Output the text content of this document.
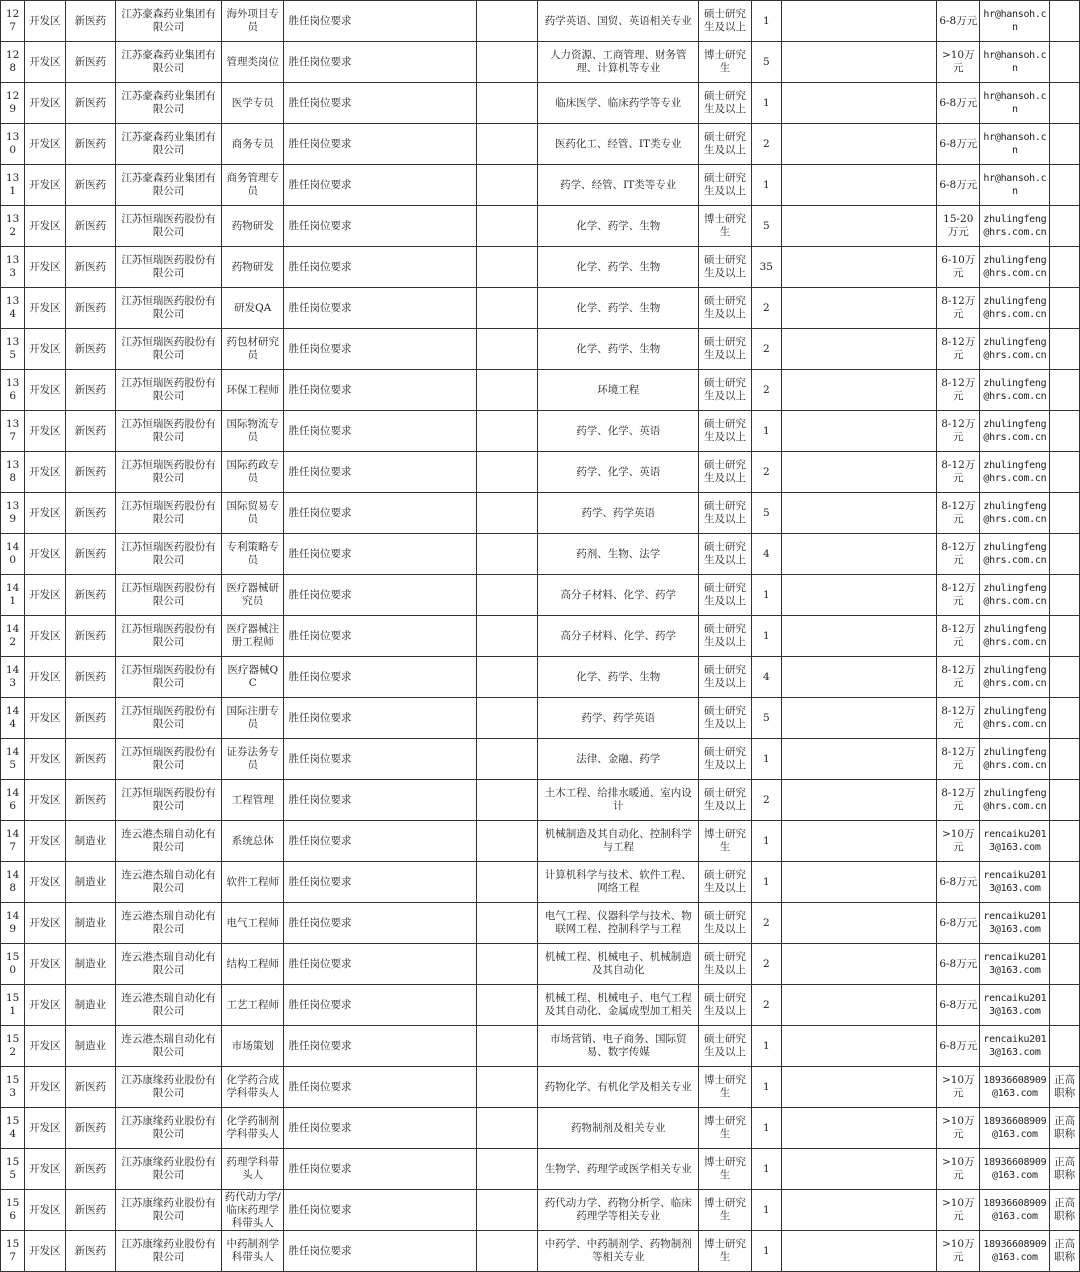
127	开发区	新医药	江苏豪森药业集团有限公司	海外项目专员	胜任岗位要求		药学英语、国贸、英语相关专业	硕士研究生及以上	1		6-8万元	hr@hansoh.cn	
128	开发区	新医药	江苏豪森药业集团有限公司	管理类岗位	胜任岗位要求		人力资源、工商管理、财务管理、计算机等专业	博士研究生	5		>10万元	hr@hansoh.cn	
129	开发区	新医药	江苏豪森药业集团有限公司	医学专员	胜任岗位要求		临床医学、临床药学等专业	硕士研究生及以上	1		6-8万元	hr@hansoh.cn	
130	开发区	新医药	江苏豪森药业集团有限公司	商务专员	胜任岗位要求		医药化工、经管、IT类专业	硕士研究生及以上	2		6-8万元	hr@hansoh.cn	
131	开发区	新医药	江苏豪森药业集团有限公司	商务管理专员	胜任岗位要求		药学、经管、IT类等专业	硕士研究生及以上	1		6-8万元	hr@hansoh.cn	
132	开发区	新医药	江苏恒瑞医药股份有限公司	药物研发	胜任岗位要求		化学、药学、生物	博士研究生	5		15-20万元	zhulingfeng@hrs.com.cn	
133	开发区	新医药	江苏恒瑞医药股份有限公司	药物研发	胜任岗位要求		化学、药学、生物	硕士研究生及以上	35		6-10万元	zhulingfeng@hrs.com.cn	
134	开发区	新医药	江苏恒瑞医药股份有限公司	研发QA	胜任岗位要求		化学、药学、生物	硕士研究生及以上	2		8-12万元	zhulingfeng@hrs.com.cn	
135	开发区	新医药	江苏恒瑞医药股份有限公司	药包材研究员	胜任岗位要求		化学、药学、生物	硕士研究生及以上	2		8-12万元	zhulingfeng@hrs.com.cn	
136	开发区	新医药	江苏恒瑞医药股份有限公司	环保工程师	胜任岗位要求		环境工程	硕士研究生及以上	2		8-12万元	zhulingfeng@hrs.com.cn	
137	开发区	新医药	江苏恒瑞医药股份有限公司	国际物流专员	胜任岗位要求		药学、化学、英语	硕士研究生及以上	1		8-12万元	zhulingfeng@hrs.com.cn	
138	开发区	新医药	江苏恒瑞医药股份有限公司	国际药政专员	胜任岗位要求		药学、化学、英语	硕士研究生及以上	2		8-12万元	zhulingfeng@hrs.com.cn	
139	开发区	新医药	江苏恒瑞医药股份有限公司	国际贸易专员	胜任岗位要求		药学、药学英语	硕士研究生及以上	5		8-12万元	zhulingfeng@hrs.com.cn	
140	开发区	新医药	江苏恒瑞医药股份有限公司	专利策略专员	胜任岗位要求		药剂、生物、法学	硕士研究生及以上	4		8-12万元	zhulingfeng@hrs.com.cn	
141	开发区	新医药	江苏恒瑞医药股份有限公司	医疗器械研究员	胜任岗位要求		高分子材料、化学、药学	硕士研究生及以上	1		8-12万元	zhulingfeng@hrs.com.cn	
142	开发区	新医药	江苏恒瑞医药股份有限公司	医疗器械注册工程师	胜任岗位要求		高分子材料、化学、药学	硕士研究生及以上	1		8-12万元	zhulingfeng@hrs.com.cn	
143	开发区	新医药	江苏恒瑞医药股份有限公司	医疗器械QC	胜任岗位要求		化学、药学、生物	硕士研究生及以上	4		8-12万元	zhulingfeng@hrs.com.cn	
144	开发区	新医药	江苏恒瑞医药股份有限公司	国际注册专员	胜任岗位要求		药学、药学英语	硕士研究生及以上	5		8-12万元	zhulingfeng@hrs.com.cn	
145	开发区	新医药	江苏恒瑞医药股份有限公司	证券法务专员	胜任岗位要求		法律、金融、药学	硕士研究生及以上	1		8-12万元	zhulingfeng@hrs.com.cn	
146	开发区	新医药	江苏恒瑞医药股份有限公司	工程管理	胜任岗位要求		土木工程、给排水暖通、室内设计	硕士研究生及以上	2		8-12万元	zhulingfeng@hrs.com.cn	
147	开发区	制造业	连云港杰瑞自动化有限公司	系统总体	胜任岗位要求		机械制造及其自动化、控制科学与工程	博士研究生	1		>10万元	rencaiku2013@163.com	
148	开发区	制造业	连云港杰瑞自动化有限公司	软件工程师	胜任岗位要求		计算机科学与技术、软件工程、网络工程	硕士研究生及以上	1		6-8万元	rencaiku2013@163.com	
149	开发区	制造业	连云港杰瑞自动化有限公司	电气工程师	胜任岗位要求		电气工程、仪器科学与技术、物联网工程、控制科学与工程	硕士研究生及以上	2		6-8万元	rencaiku2013@163.com	
150	开发区	制造业	连云港杰瑞自动化有限公司	结构工程师	胜任岗位要求		机械工程、机械电子、机械制造及其自动化	硕士研究生及以上	2		6-8万元	rencaiku2013@163.com	
151	开发区	制造业	连云港杰瑞自动化有限公司	工艺工程师	胜任岗位要求		机械工程、机械电子、电气工程及其自动化、金属成型加工相关	硕士研究生及以上	2		6-8万元	rencaiku2013@163.com	
152	开发区	制造业	连云港杰瑞自动化有限公司	市场策划	胜任岗位要求		市场营销、电子商务、国际贸易、数字传媒	硕士研究生及以上	1		6-8万元	rencaiku2013@163.com	
153	开发区	新医药	江苏康缘药业股份有限公司	化学药合成学科带头人	胜任岗位要求		药物化学、有机化学及相关专业	博士研究生	1		>10万元	18936608909@163.com	正高职称
154	开发区	新医药	江苏康缘药业股份有限公司	化学药制剂学科带头人	胜任岗位要求		药物制剂及相关专业	博士研究生	1		>10万元	18936608909@163.com	正高职称
155	开发区	新医药	江苏康缘药业股份有限公司	药理学科带头人	胜任岗位要求		生物学、药理学或医学相关专业	博士研究生	1		>10万元	18936608909@163.com	正高职称
156	开发区	新医药	江苏康缘药业股份有限公司	药代动力学/临床药理学科带头人	胜任岗位要求		药代动力学、药物分析学、临床药理学等相关专业	博士研究生	1		>10万元	18936608909@163.com	正高职称
157	开发区	新医药	江苏康缘药业股份有限公司	中药制剂学科带头人	胜任岗位要求		中药学、中药制剂学、药物制剂等相关专业	博士研究生	1		>10万元	18936608909@163.com	正高职称
